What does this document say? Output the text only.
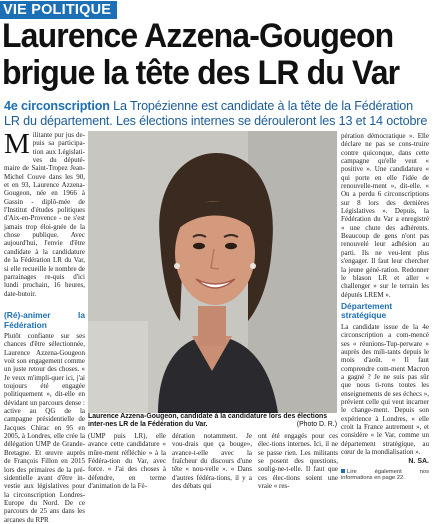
VIE POLITIQUE
Laurence Azzena-Gougeon
brigue la tête des LR du Var
4e circonscription La Tropézienne est candidate à la tête de la Fédération LR du département. Les élections internes se dérouleront les 13 et 14 octobre
M ilitante pur jus de-puis sa participa-tion aux Législati-ves du député-maire de Saint-Tropez Jean-Michel Couve dans les 90, et en 93, Laurence Azzena-Gougeon, née en 1966 à Gassin - diplô-mée de l'Institut d'études politiques d'Aix-en-Provence - ne s'est jamais trop éloi-gnée de la chose publique. Avec aujourd'hui, l'envie d'être candidate à la candidature de la Fédération LR du Var, si elle recueille le nombre de parrainages re-quis d'ici lundi prochain, 16 heures, date-butoir.

(Ré)-animer la Fédération

Plutôt confiante sur ses chances d'être sélectionnée, Laurence Azzena-Gougeon voit son engagement comme un juste retour des choses. « Je veux m'impli-quer ici, j'ai toujours été engagée politiquement », dit-elle en dévidant un parcours dense : active au QG de la campagne présidentielle de Jacques Chirac en 95 en 2005, à Londres, elle crée la délégation UMP de Grande-Bretagne. Et œuvre auprès de François Fillon en 2015 lors des primaires de la pré-sidentielle avant d'être in-vestie aux législatives pour la circonscription Londres-Europe du Nord. De ce parcours de 25 ans dans les arcanes du RPR

Laurence Azzena-Gougeon, candidate à la candidature lors des élections inter-nes LR de la Fédération du Var.	(Photo D. R.)

(UMP puis LR), elle avance cette candidature « mûre-ment réfléchie » à la Fédéra-tion du Var, avec force. « J'ai des choses à défendre, en terme d'animation de la Fé-

dération notamment. Je vou-drais que ça bouge», avance-t-elle avec la fraîcheur du discours d'une tête « nou-velle ». « Dans d'autres fédéra-tions, il y a des débats qui

ont été engagés pour ces élec-tions internes. Ici, il ne se passe rien. Les militants se posent des questions, soulig-ne-t-elle. Il faut que ces élec-tions soient une vraie « res-

pération démocratique ». Elle déclare ne pas se cons-truire contre quiconque, dans cette campagne qu'elle veut « positive ». Une candidature « qui porte en elle l'idée de renouvelle-ment », dit-elle. « On a perdu 6 circonscriptions sur 8 lors des dernières Législatives ». Depuis, la Fédération du Var a enregistré « une chute des adhérents. Beaucoup de gens n'ont pas renouvelé leur adhésion au parti. Ils ne veu-lent plus s'engager. Il faut leur chercher la jeune géné-ration. Redonner le blason LR et aller « challenger » sur le terrain les députés LREM ».

Département stratégique

La candidate issue de la 4e circonscription a com-mencé ses « réunions-Tup-perware » auprès des mili-tants depuis le mois d'août. « Il faut comprendre com-ment Macron a gagné ? Je ne suis pas sûr que nous ti-rons toutes les enseignements de ses échecs », prévient celle qui veut incarner le change-ment. Depuis son expérience à Londres, « elle croit la France autrement », et considère « le Var, comme un département stratégique, au cœur de la mondialisation ».

N. SA.
Lire également nos informations en page 22.
